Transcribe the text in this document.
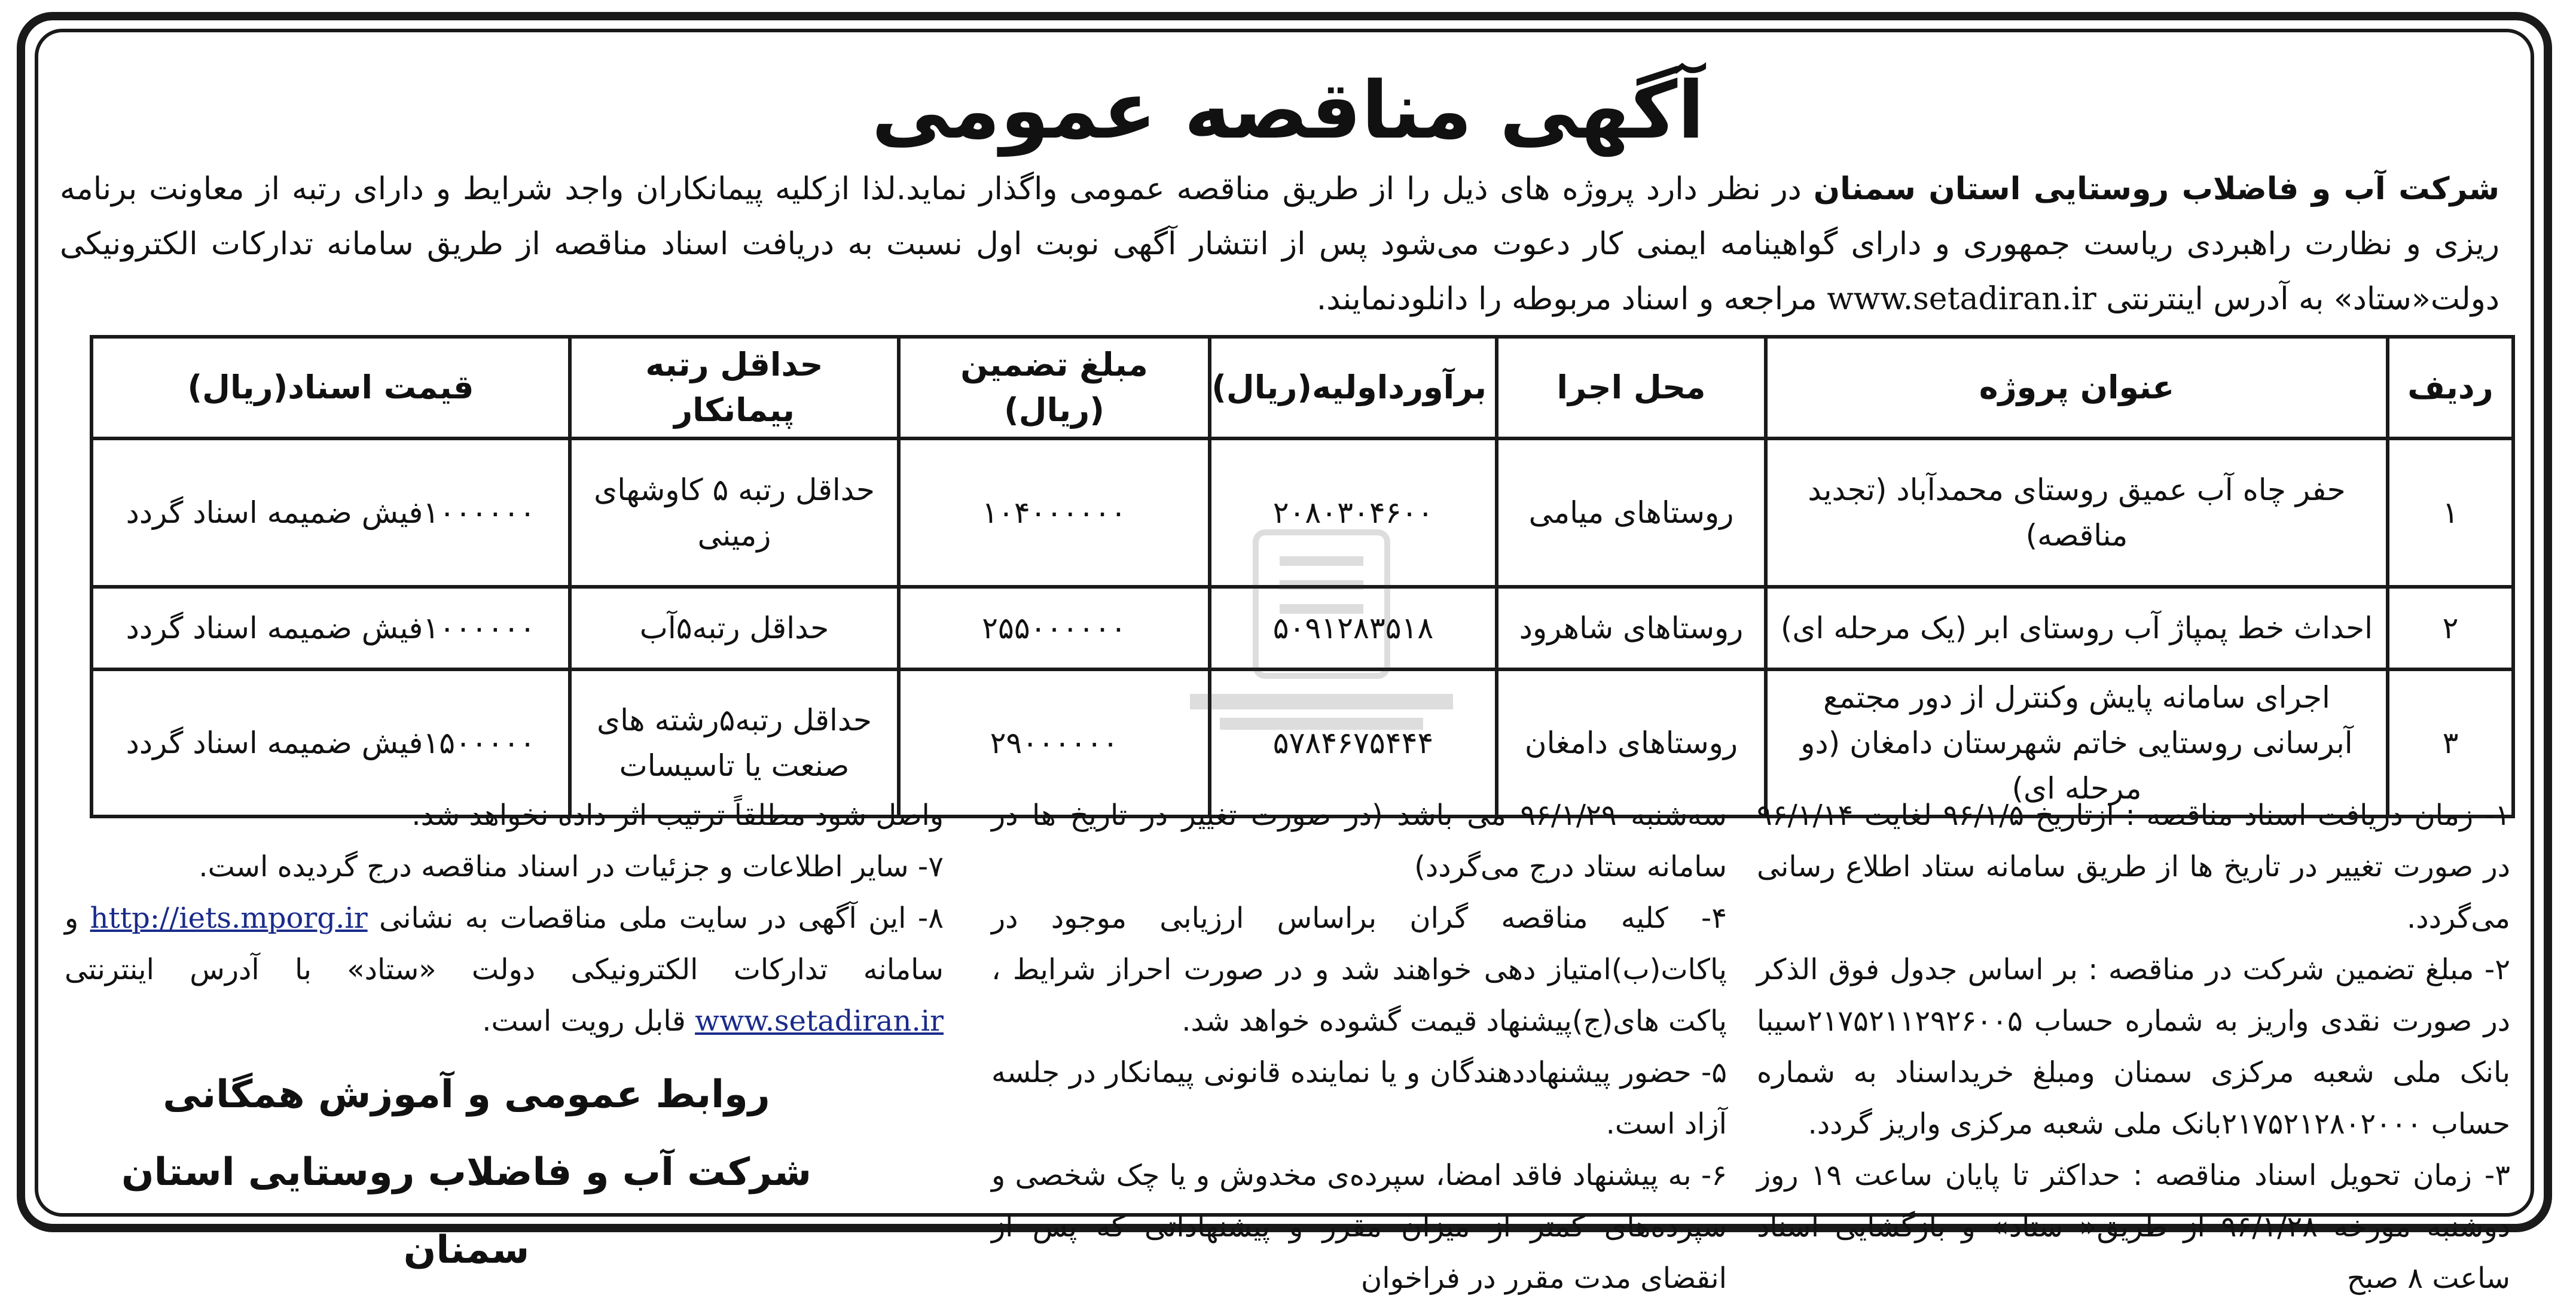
آگهی مناقصه عمومی

شرکت آب و فاضلاب روستایی استان سمنان در نظر دارد پروژه های ذیل را از طریق مناقصه عمومی واگذار نماید.لذا ازکلیه پیمانکاران واجد شرایط و دارای رتبه از معاونت برنامه ریزی و نظارت راهبردی ریاست جمهوری و دارای گواهینامه ایمنی کار دعوت می‌شود پس از انتشار آگهی نوبت اول نسبت به دریافت اسناد مناقصه از طریق سامانه تدارکات الکترونیکی دولت«ستاد» به آدرس اینترنتی www.setadiran.ir مراجعه و اسناد مربوطه را دانلودنمایند.

ردیف	عنوان پروژه	محل اجرا	برآورداولیه(ریال)	مبلغ تضمین (ریال)	حداقل رتبه پیمانکار	قیمت اسناد(ریال)
۱	حفر چاه آب عمیق روستای محمدآباد (تجدید مناقصه)	روستاهای میامی	۲۰۸۰۳۰۴۶۰۰	۱۰۴۰۰۰۰۰۰	حداقل رتبه ۵ کاوشهای زمینی	۱۰۰۰۰۰۰فیش ضمیمه اسناد گردد
۲	احداث خط پمپاژ آب روستای ابر (یک مرحله ای)	روستاهای شاهرود	۵۰۹۱۲۸۳۵۱۸	۲۵۵۰۰۰۰۰۰	حداقل رتبه۵آب	۱۰۰۰۰۰۰فیش ضمیمه اسناد گردد
۳	اجرای سامانه پایش وکنترل از دور مجتمع آبرسانی روستایی خاتم شهرستان دامغان (دو مرحله ای)	روستاهای دامغان	۵۷۸۴۶۷۵۴۴۴	۲۹۰۰۰۰۰۰	حداقل رتبه۵رشته های صنعت یا تاسیسات	۱۵۰۰۰۰۰فیش ضمیمه اسناد گردد

۱- زمان دریافت اسناد مناقصه : ازتاریخ ۹۶/۱/۵ لغایت ۹۶/۱/۱۴ در صورت تغییر در تاریخ ها از طریق سامانه ستاد اطلاع رسانی می‌گردد.

۲- مبلغ تضمین شرکت در مناقصه : بر اساس جدول فوق الذکر در صورت نقدی واریز به شماره حساب ۲۱۷۵۲۱۱۲۹۲۶۰۰۵سیبا بانک ملی شعبه مرکزی سمنان ومبلغ خریداسناد به شماره حساب ۲۱۷۵۲۱۲۸۰۲۰۰۰بانک ملی شعبه مرکزی واریز گردد.

۳- زمان تحویل اسناد مناقصه : حداکثر تا پایان ساعت ۱۹ روز دوشنبه مورخه ۹۶/۱/۲۸ از طریق« ستاد» و بازگشایی اسناد ساعت ۸ صبح

سه‌شنبه ۹۶/۱/۲۹ می باشد (در صورت تغییر در تاریخ ها در سامانه ستاد درج می‌گردد)

۴- کلیه مناقصه گران براساس ارزیابی موجود در پاکات(ب)امتیاز دهی خواهند شد و در صورت احراز شرایط ، پاکت های(ج)پیشنهاد قیمت گشوده خواهد شد.

۵- حضور پیشنهاددهندگان و یا نماینده قانونی پیمانکار در جلسه آزاد است.

۶- به پیشنهاد فاقد امضا، سپرده‌ی مخدوش و یا چک شخصی و سپرده‌های کمتر از میزان مقرر و پیشنهاداتی که پس از انقضای مدت مقرر در فراخوان

واصل شود مطلقاً ترتیب اثر داده نخواهد شد.

۷- سایر اطلاعات و جزئیات در اسناد مناقصه درج گردیده است.

۸- این آگهی در سایت ملی مناقصات به نشانی http://iets.mporg.ir و سامانه تدارکات الکترونیکی دولت «ستاد» با آدرس اینترنتی www.setadiran.ir قابل رویت است.

روابط عمومی و آموزش همگانی
شرکت آب و فاضلاب روستایی استان سمنان
